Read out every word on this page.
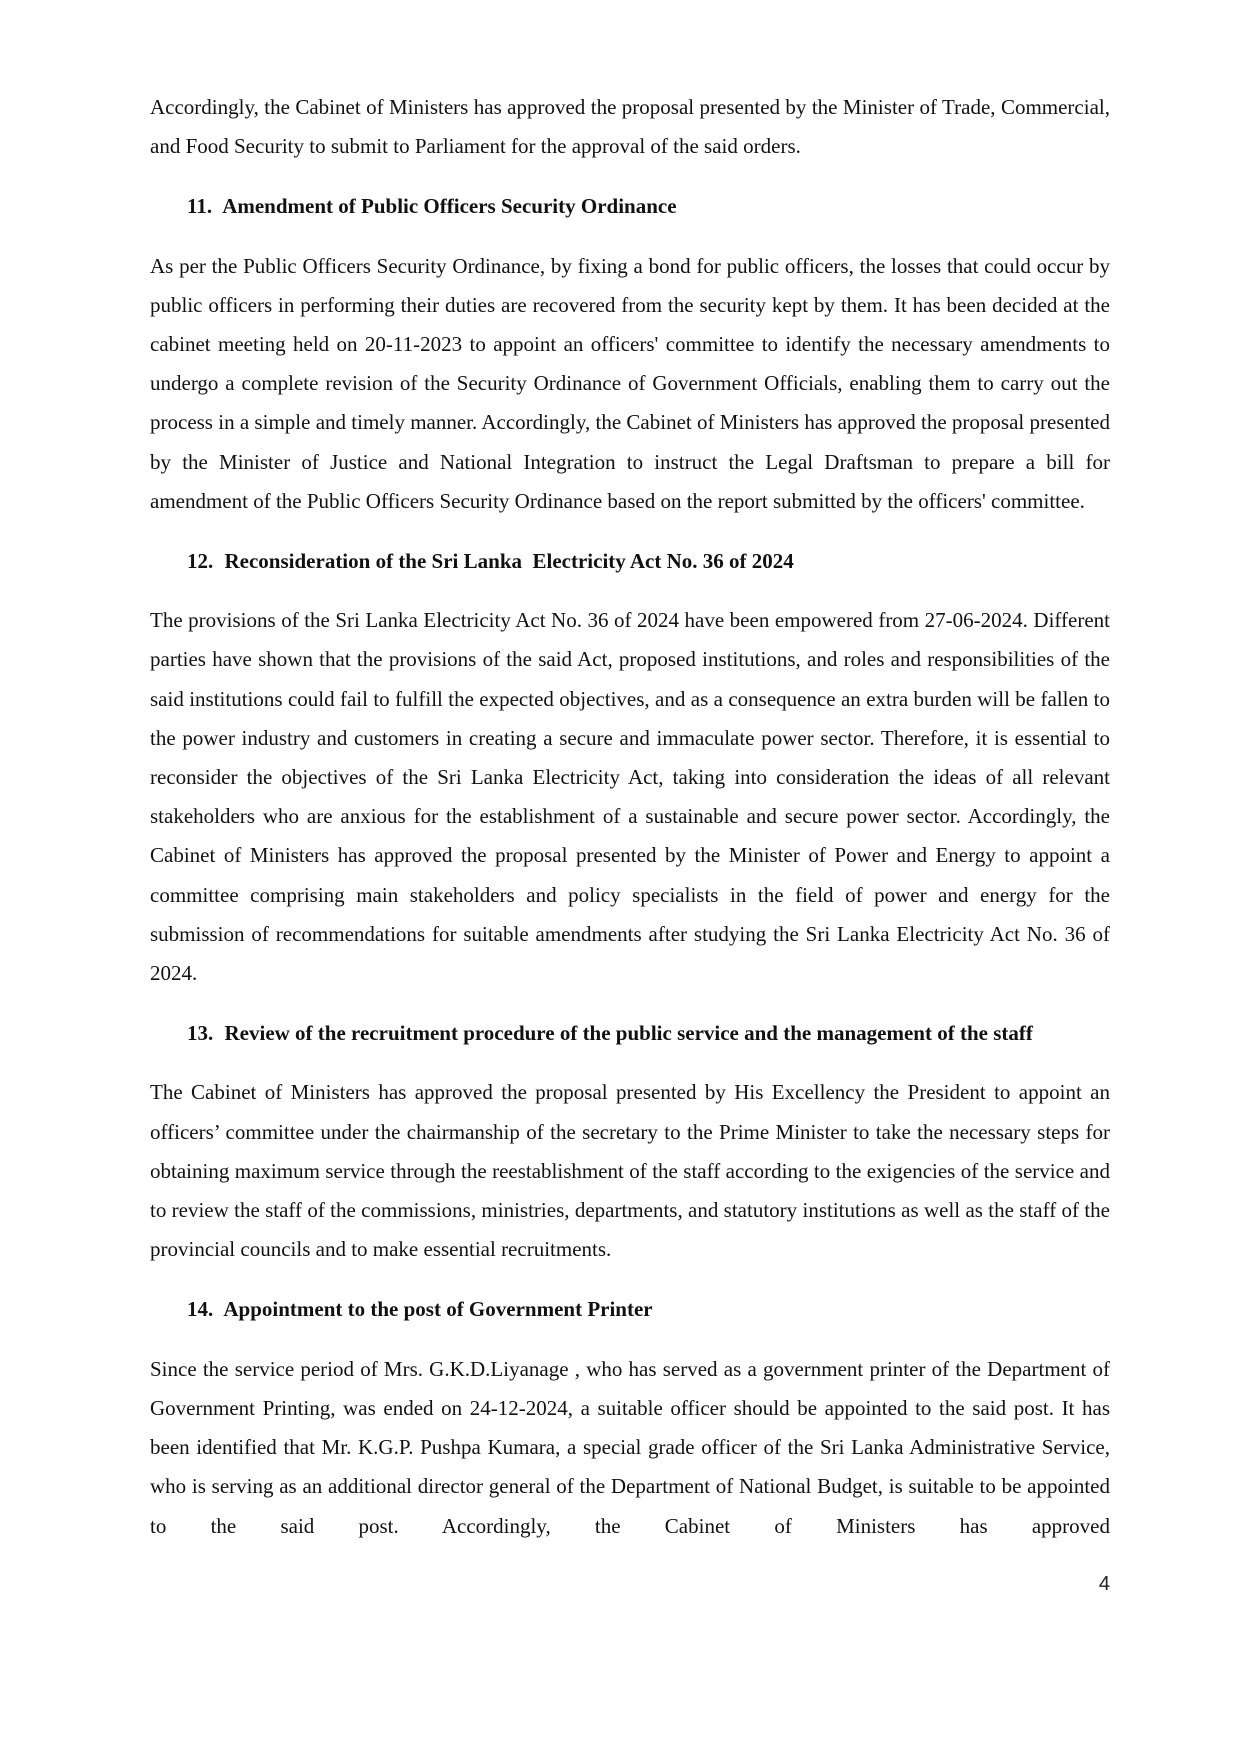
Accordingly, the Cabinet of Ministers has approved the proposal presented by the Minister of Trade, Commercial, and Food Security to submit to Parliament for the approval of the said orders.

11. Amendment of Public Officers Security Ordinance

As per the Public Officers Security Ordinance, by fixing a bond for public officers, the losses that could occur by public officers in performing their duties are recovered from the security kept by them. It has been decided at the cabinet meeting held on 20-11-2023 to appoint an officers' committee to identify the necessary amendments to undergo a complete revision of the Security Ordinance of Government Officials, enabling them to carry out the process in a simple and timely manner. Accordingly, the Cabinet of Ministers has approved the proposal presented by the Minister of Justice and National Integration to instruct the Legal Draftsman to prepare a bill for amendment of the Public Officers Security Ordinance based on the report submitted by the officers' committee.

12. Reconsideration of the Sri Lanka  Electricity Act No. 36 of 2024

The provisions of the Sri Lanka Electricity Act No. 36 of 2024 have been empowered from 27-06-2024. Different parties have shown that the provisions of the said Act, proposed institutions, and roles and responsibilities of the said institutions could fail to fulfill the expected objectives, and as a consequence an extra burden will be fallen to the power industry and customers in creating a secure and immaculate power sector. Therefore, it is essential to reconsider the objectives of the Sri Lanka Electricity Act, taking into consideration the ideas of all relevant stakeholders who are anxious for the establishment of a sustainable and secure power sector. Accordingly, the Cabinet of Ministers has approved the proposal presented by the Minister of Power and Energy to appoint a committee comprising main stakeholders and policy specialists in the field of power and energy for the submission of recommendations for suitable amendments after studying the Sri Lanka Electricity Act No. 36 of 2024.

13. Review of the recruitment procedure of the public service and the management of the staff

The Cabinet of Ministers has approved the proposal presented by His Excellency the President to appoint an officers’ committee under the chairmanship of the secretary to the Prime Minister to take the necessary steps for obtaining maximum service through the reestablishment of the staff according to the exigencies of the service and to review the staff of the commissions, ministries, departments, and statutory institutions as well as the staff of the provincial councils and to make essential recruitments.

14. Appointment to the post of Government Printer

Since the service period of Mrs. G.K.D.Liyanage , who has served as a government printer of the Department of Government Printing, was ended on 24-12-2024, a suitable officer should be appointed to the said post. It has been identified that Mr. K.G.P. Pushpa Kumara, a special grade officer of the Sri Lanka Administrative Service, who is serving as an additional director general of the Department of National Budget, is suitable to be appointed to the said post. Accordingly, the Cabinet of Ministers has approved

4
